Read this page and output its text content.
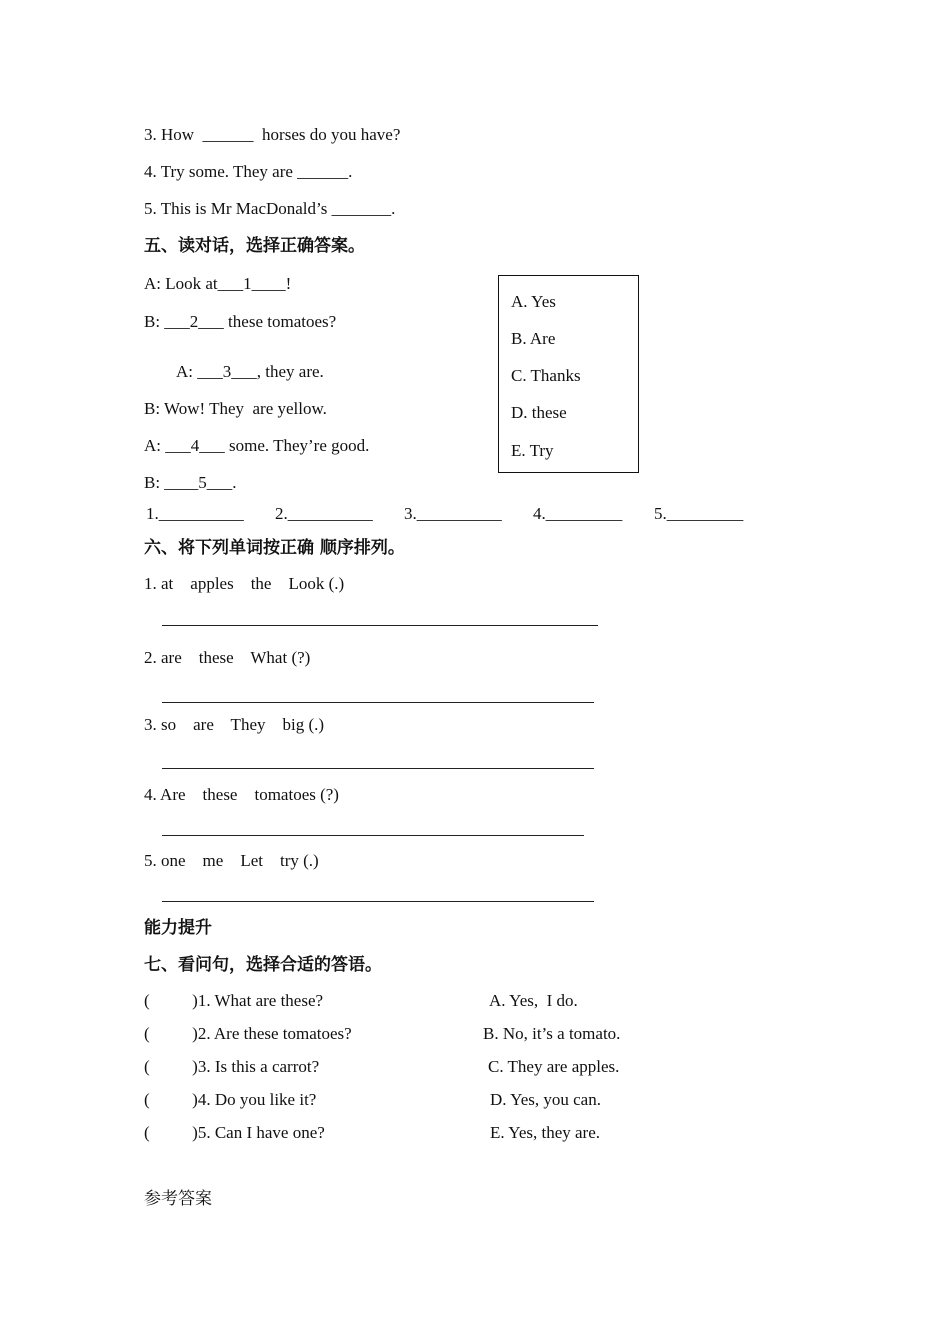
3. How  ______  horses do you have?
4. Try some. They are ______.
5. This is Mr MacDonald’s _______.
五、读对话，选择正确答案。
A: Look at___1____!
B: ___2___ these tomatoes?
A: ___3___, they are.
B: Wow! They  are yellow.
A: ___4___ some. They’re good.
B: ____5___.
A. Yes
B. Are
C. Thanks
D. these
E. Try
1.__________ 2.__________ 3.__________ 4._________ 5._________
六、将下列单词按正确 顺序排列。
1. at    apples    the    Look (.)
2. are    these    What (?)
3. so    are    They    big (.)
4. Are    these    tomatoes (?)
5. one    me    Let    try (.)
能力提升
七、看问句，选择合适的答语。
(          )1. What are these?
(          )2. Are these tomatoes?
(          )3. Is this a carrot?
(          )4. Do you like it?
(          )5. Can I have one?
A. Yes,  I do.
B. No, it’s a tomato.
C. They are apples.
D. Yes, you can.
E. Yes, they are.
参考答案
